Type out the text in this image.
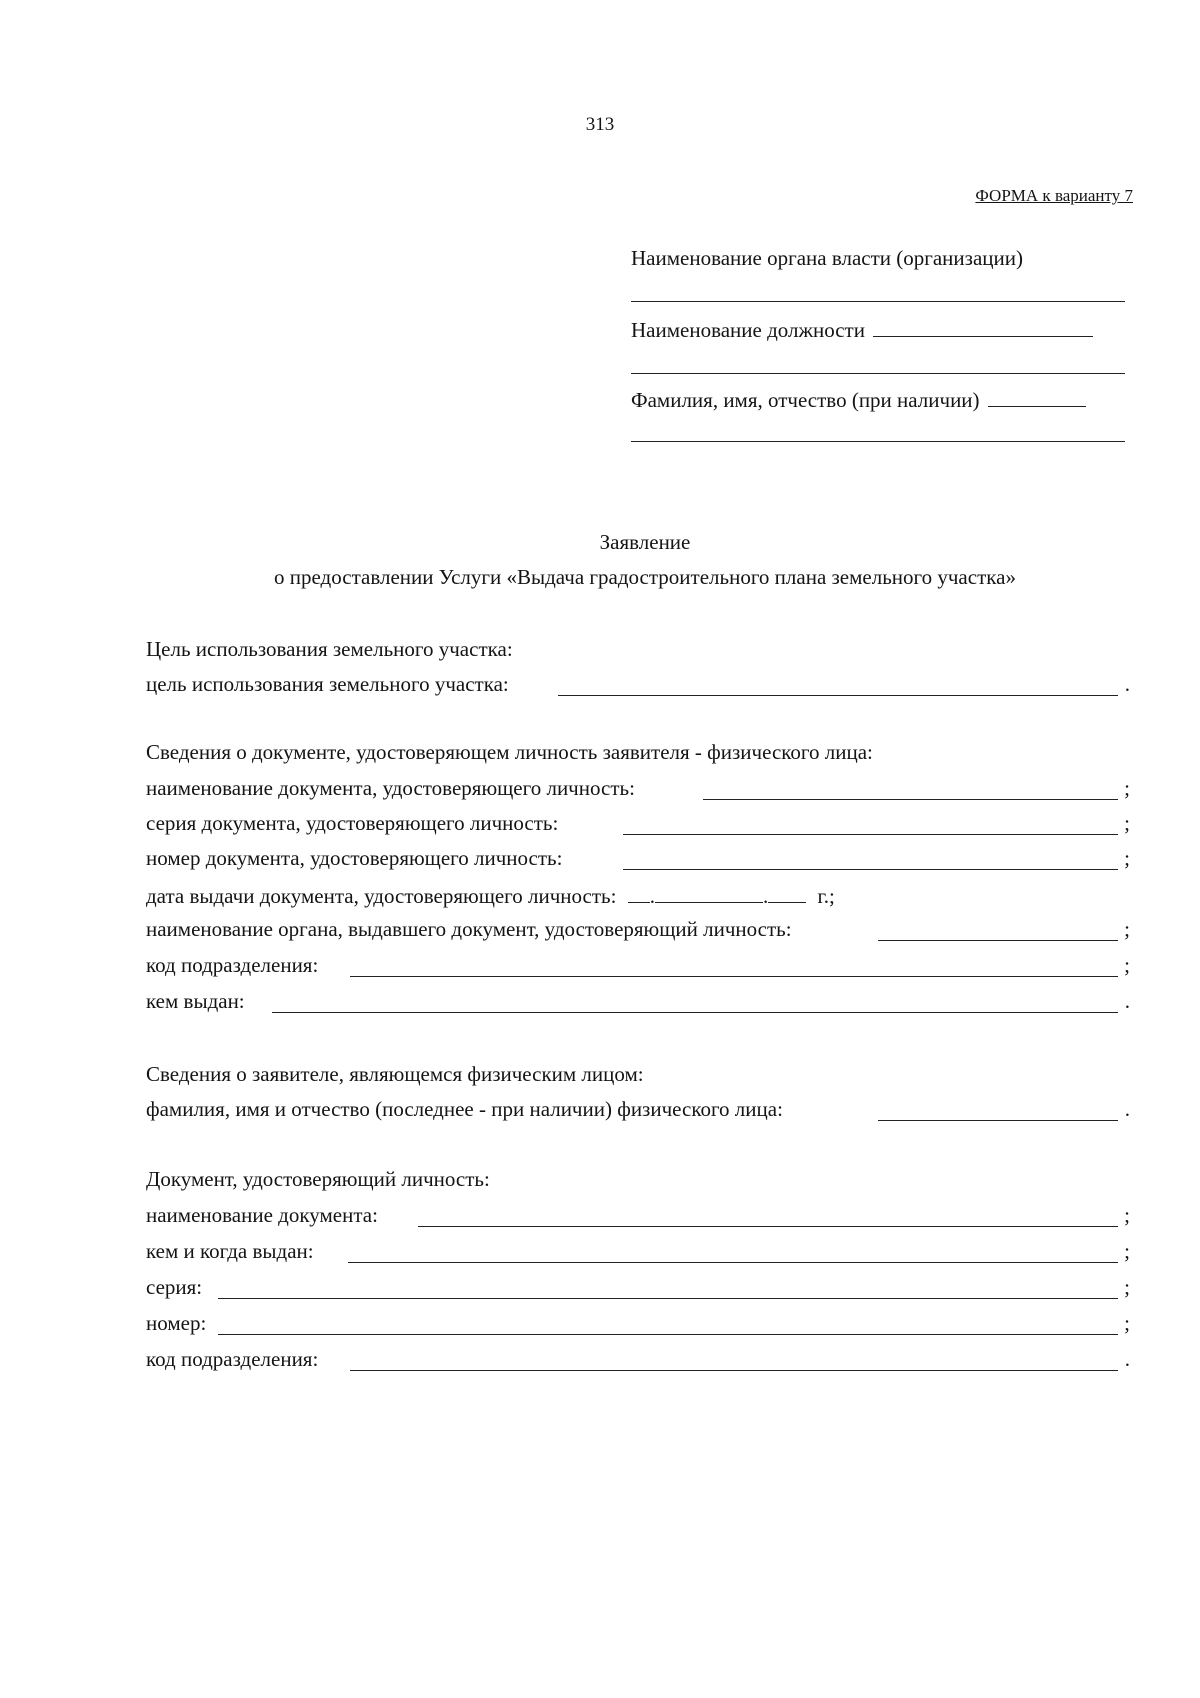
313
ФОРМА к варианту 7
Наименование органа власти (организации)
Наименование должности
Фамилия, имя, отчество (при наличии)
Заявление
о предоставлении Услуги «Выдача градостроительного плана земельного участка»
Цель использования земельного участка:
цель использования земельного участка:	.
Сведения о документе, удостоверяющем личность заявителя - физического лица:
наименование документа, удостоверяющего личность:	;
серия документа, удостоверяющего личность:	;
номер документа, удостоверяющего личность:	;
дата выдачи документа, удостоверяющего личность: .	. г.;
наименование органа, выдавшего документ, удостоверяющий личность:	;
код подразделения:	;
кем выдан:	.
Сведения о заявителе, являющемся физическим лицом:
фамилия, имя и отчество (последнее - при наличии) физического лица:	.
Документ, удостоверяющий личность:
наименование документа:	;
кем и когда выдан:	;
серия:	;
номер:	;
код подразделения:	.
